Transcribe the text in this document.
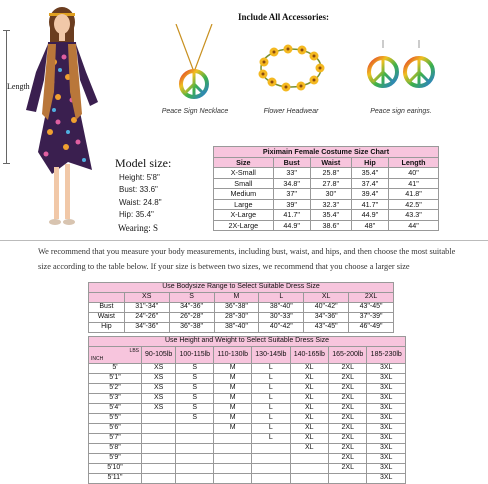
Length
Include All Accessories:
Peace Sign Necklace	Flower Headwear	Peace sign earings.
Model size:
Height: 5'8"
Bust: 33.6"
Waist: 24.8"
Hip: 35.4"
Wearing: S
Piximain Female Costume Size Chart				
Size	Bust	Waist	Hip	Length
X-Small	33"	25.8"	35.4"	40"
Small	34.8"	27.8"	37.4"	41"
Medium	37"	30"	39.4"	41.8"
Large	39"	32.3"	41.7"	42.5"
X-Large	41.7"	35.4"	44.9"	43.3"
2X-Large	44.9"	38.6"	48"	44"
We recommend that you measure your body measurements, including bust, waist, and hips, and then choose the most suitable size according to the table below. If your size is between two sizes, we recommend that you choose a larger size
Use Bodysize Range to Select Suitable Dress Size						
	XS	S	M	L	XL	2XL
Bust	31"-34"	34"-36"	36"-38"	38"-40"	40"-42"	43"-45"
Waist	24"-26"	26"-28"	28"-30"	30"-33"	34"-36"	37"-39"
Hip	34"-36"	36"-38"	38"-40"	40"-42"	43"-45"	46"-49"
Use Height and Weight to Select Suitable Dress Size							

LBS
INCH	90-105lb	100-115lb	110-130lb	130-145lb	140-165lb	165-200lb	185-230lb
5'	XS	S	M	L	XL	2XL	3XL
5'1"	XS	S	M	L	XL	2XL	3XL
5'2"	XS	S	M	L	XL	2XL	3XL
5'3"	XS	S	M	L	XL	2XL	3XL
5'4"	XS	S	M	L	XL	2XL	3XL
5'5"		S	M	L	XL	2XL	3XL
5'6"			M	L	XL	2XL	3XL
5'7"				L	XL	2XL	3XL
5'8"					XL	2XL	3XL
5'9"						2XL	3XL
5'10"						2XL	3XL
5'11"							3XL
